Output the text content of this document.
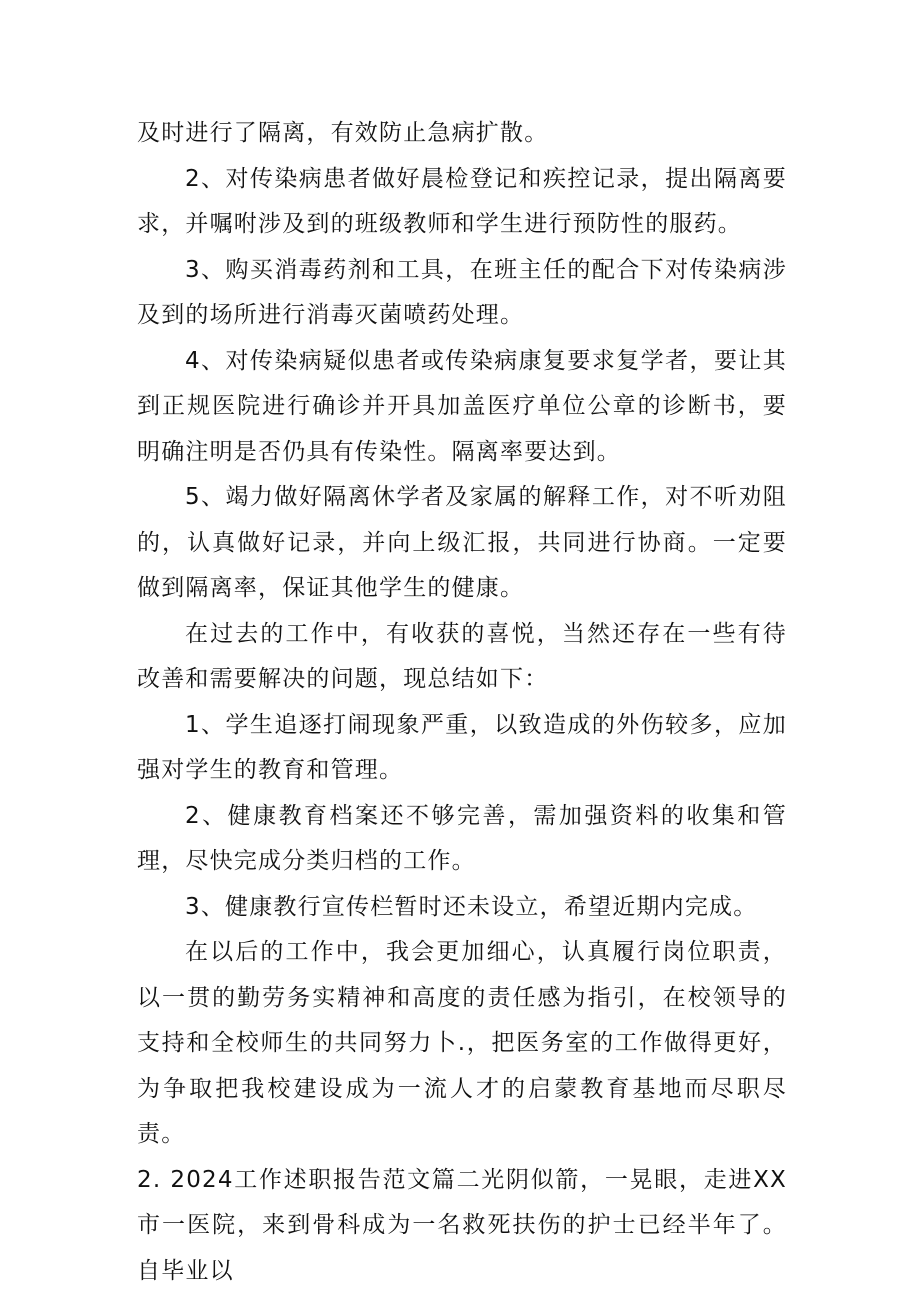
及时进行了隔离，有效防止急病扩散。

2、对传染病患者做好晨检登记和疾控记录，提出隔离要求，并嘱咐涉及到的班级教师和学生进行预防性的服药。

3、购买消毒药剂和工具，在班主任的配合下对传染病涉及到的场所进行消毒灭菌喷药处理。

4、对传染病疑似患者或传染病康复要求复学者，要让其到正规医院进行确诊并开具加盖医疗单位公章的诊断书，要明确注明是否仍具有传染性。隔离率要达到。

5、竭力做好隔离休学者及家属的解释工作，对不听劝阻的，认真做好记录，并向上级汇报，共同进行协商。一定要做到隔离率，保证其他学生的健康。

在过去的工作中，有收获的喜悦，当然还存在一些有待改善和需要解决的问题，现总结如下：

1、学生追逐打闹现象严重，以致造成的外伤较多，应加强对学生的教育和管理。

2、健康教育档案还不够完善，需加强资料的收集和管理，尽快完成分类归档的工作。

3、健康教行宣传栏暂时还未设立，希望近期内完成。

在以后的工作中，我会更加细心，认真履行岗位职责，以一贯的勤劳务实精神和高度的责任感为指引，在校领导的支持和全校师生的共同努力卜.，把医务室的工作做得更好，为争取把我校建设成为一流人才的启蒙教育基地而尽职尽责。

2. 2024工作述职报告范文篇二光阴似箭，一晃眼，走进XX市一医院，来到骨科成为一名救死扶伤的护士已经半年了。自毕业以
